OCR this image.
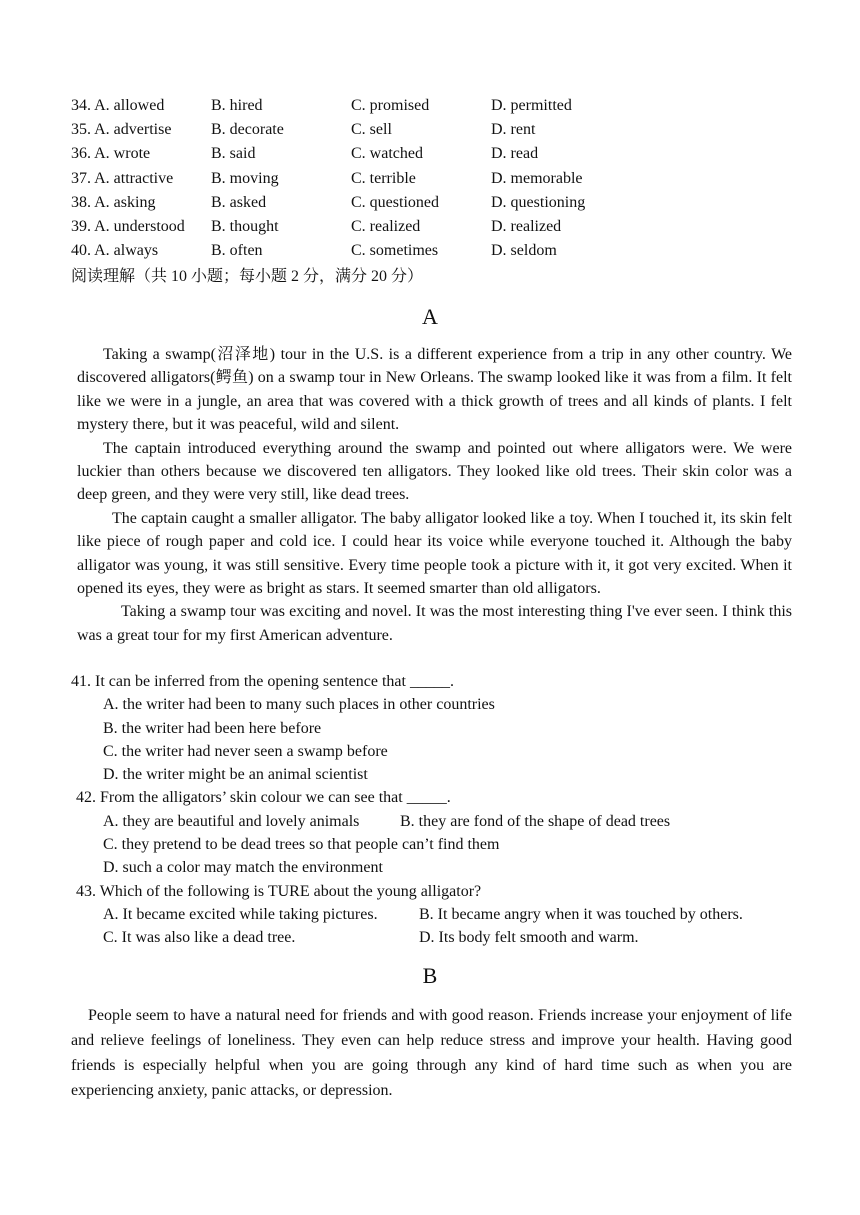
34. A. allowed	B. hired	C. promised	D. permitted
35. A. advertise	B. decorate	C. sell	D. rent
36. A. wrote	B. said	C. watched	D. read
37. A. attractive	B. moving	C. terrible	D. memorable
38. A. asking	B. asked	C. questioned	D. questioning
39. A. understood	B. thought	C. realized	D. realized
40. A. always	B. often	C. sometimes	D. seldom
阅读理解（共 10 小题；每小题 2 分，满分 20 分）
A

Taking a swamp(沼泽地) tour in the U.S. is a different experience from a trip in any other country. We discovered alligators(鳄鱼) on a swamp tour in New Orleans. The swamp looked like it was from a film. It felt like we were in a jungle, an area that was covered with a thick growth of trees and all kinds of plants. I felt mystery there, but it was peaceful, wild and silent.

The captain introduced everything around the swamp and pointed out where alligators were. We were luckier than others because we discovered ten alligators. They looked like old trees. Their skin color was a deep green, and they were very still, like dead trees.

The captain caught a smaller alligator. The baby alligator looked like a toy. When I touched it, its skin felt like piece of rough paper and cold ice. I could hear its voice while everyone touched it. Although the baby alligator was young, it was still sensitive. Every time people took a picture with it, it got very excited. When it opened its eyes, they were as bright as stars. It seemed smarter than old alligators.

Taking a swamp tour was exciting and novel. It was the most interesting thing I've ever seen. I think this was a great tour for my first American adventure.

41. It can be inferred from the opening sentence that _____.
A. the writer had been to many such places in other countries
B. the writer had been here before
C. the writer had never seen a swamp before
D. the writer might be an animal scientist
42. From the alligators’ skin colour we can see that _____.
A. they are beautiful and lovely animals	B. they are fond of the shape of dead trees
C. they pretend to be dead trees so that people can’t find them
D. such a color may match the environment
43. Which of the following is TURE about the young alligator?
A. It became excited while taking pictures.	B. It became angry when it was touched by others.
C. It was also like a dead tree.	D. Its body felt smooth and warm.
B

People seem to have a natural need for friends and with good reason. Friends increase your enjoyment of life and relieve feelings of loneliness. They even can help reduce stress and improve your health. Having good friends is especially helpful when you are going through any kind of hard time such as when you are experiencing anxiety, panic attacks, or depression.
